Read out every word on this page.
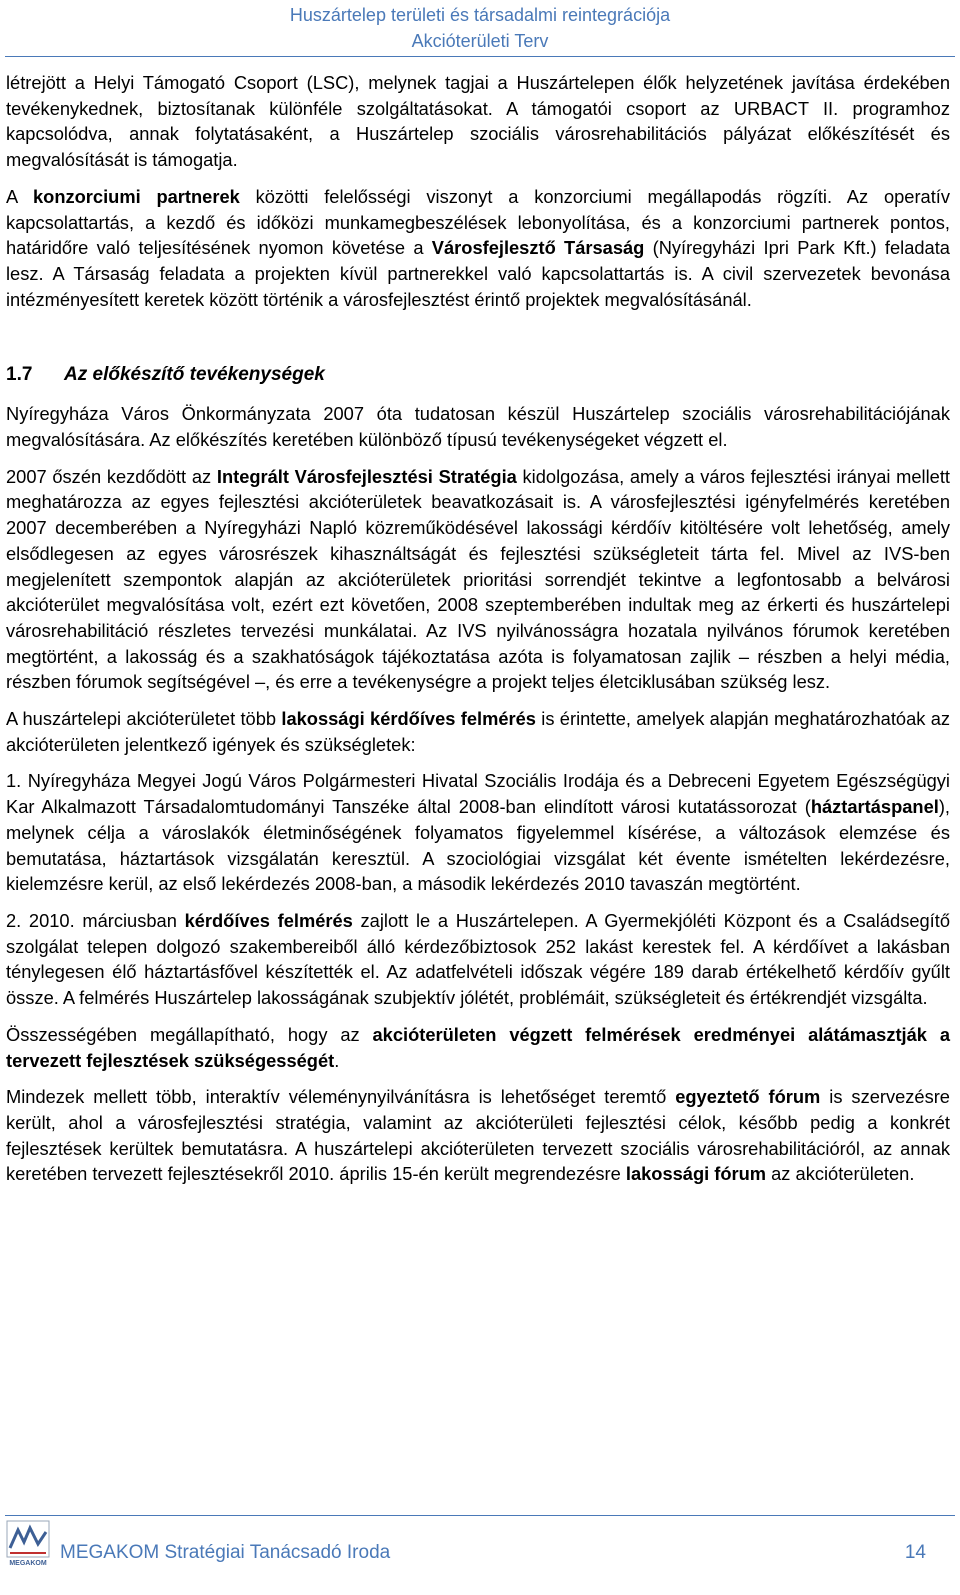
Huszártelep területi és társadalmi reintegrációja
Akcióterületi Terv

létrejött a Helyi Támogató Csoport (LSC), melynek tagjai a Huszártelepen élők helyzetének javítása érdekében tevékenykednek, biztosítanak különféle szolgáltatásokat. A támogatói csoport az URBACT II. programhoz kapcsolódva, annak folytatásaként, a Huszártelep szociális városrehabilitációs pályázat előkészítését és megvalósítását is támogatja.

A konzorciumi partnerek közötti felelősségi viszonyt a konzorciumi megállapodás rögzíti. Az operatív kapcsolattartás, a kezdő és időközi munkamegbeszélések lebonyolítása, és a konzorciumi partnerek pontos, határidőre való teljesítésének nyomon követése a Városfejlesztő Társaság (Nyíregyházi Ipri Park Kft.) feladata lesz. A Társaság feladata a projekten kívül partnerekkel való kapcsolattartás is. A civil szervezetek bevonása intézményesített keretek között történik a városfejlesztést érintő projektek megvalósításánál.

1.7 Az előkészítő tevékenységek

Nyíregyháza Város Önkormányzata 2007 óta tudatosan készül Huszártelep szociális városrehabilitációjának megvalósítására. Az előkészítés keretében különböző típusú tevékenységeket végzett el.

2007 őszén kezdődött az Integrált Városfejlesztési Stratégia kidolgozása, amely a város fejlesztési irányai mellett meghatározza az egyes fejlesztési akcióterületek beavatkozásait is. A városfejlesztési igényfelmérés keretében 2007 decemberében a Nyíregyházi Napló közreműködésével lakossági kérdőív kitöltésére volt lehetőség, amely elsődlegesen az egyes városrészek kihasználtságát és fejlesztési szükségleteit tárta fel. Mivel az IVS-ben megjelenített szempontok alapján az akcióterületek prioritási sorrendjét tekintve a legfontosabb a belvárosi akcióterület megvalósítása volt, ezért ezt követően, 2008 szeptemberében indultak meg az érkerti és huszártelepi városrehabilitáció részletes tervezési munkálatai. Az IVS nyilvánosságra hozatala nyilvános fórumok keretében megtörtént, a lakosság és a szakhatóságok tájékoztatása azóta is folyamatosan zajlik – részben a helyi média, részben fórumok segítségével –, és erre a tevékenységre a projekt teljes életciklusában szükség lesz.

A huszártelepi akcióterületet több lakossági kérdőíves felmérés is érintette, amelyek alapján meghatározhatóak az akcióterületen jelentkező igények és szükségletek:

1. Nyíregyháza Megyei Jogú Város Polgármesteri Hivatal Szociális Irodája és a Debreceni Egyetem Egészségügyi Kar Alkalmazott Társadalomtudományi Tanszéke által 2008-ban elindított városi kutatássorozat (háztartáspanel), melynek célja a városlakók életminőségének folyamatos figyelemmel kísérése, a változások elemzése és bemutatása, háztartások vizsgálatán keresztül. A szociológiai vizsgálat két évente ismételten lekérdezésre, kielemzésre kerül, az első lekérdezés 2008-ban, a második lekérdezés 2010 tavaszán megtörtént.

2. 2010. márciusban kérdőíves felmérés zajlott le a Huszártelepen. A Gyermekjóléti Központ és a Családsegítő szolgálat telepen dolgozó szakembereiből álló kérdezőbiztosok 252 lakást kerestek fel. A kérdőívet a lakásban ténylegesen élő háztartásfővel készítették el. Az adatfelvételi időszak végére 189 darab értékelhető kérdőív gyűlt össze. A felmérés Huszártelep lakosságának szubjektív jólétét, problémáit, szükségleteit és értékrendjét vizsgálta.

Összességében megállapítható, hogy az akcióterületen végzett felmérések eredményei alátámasztják a tervezett fejlesztések szükségességét.

Mindezek mellett több, interaktív véleménynyilvánításra is lehetőséget teremtő egyeztető fórum is szervezésre került, ahol a városfejlesztési stratégia, valamint az akcióterületi fejlesztési célok, később pedig a konkrét fejlesztések kerültek bemutatásra. A huszártelepi akcióterületen tervezett szociális városrehabilitációról, az annak keretében tervezett fejlesztésekről 2010. április 15-én került megrendezésre lakossági fórum az akcióterületen.

MEGAKOM
MEGAKOM Stratégiai Tanácsadó Iroda	14
